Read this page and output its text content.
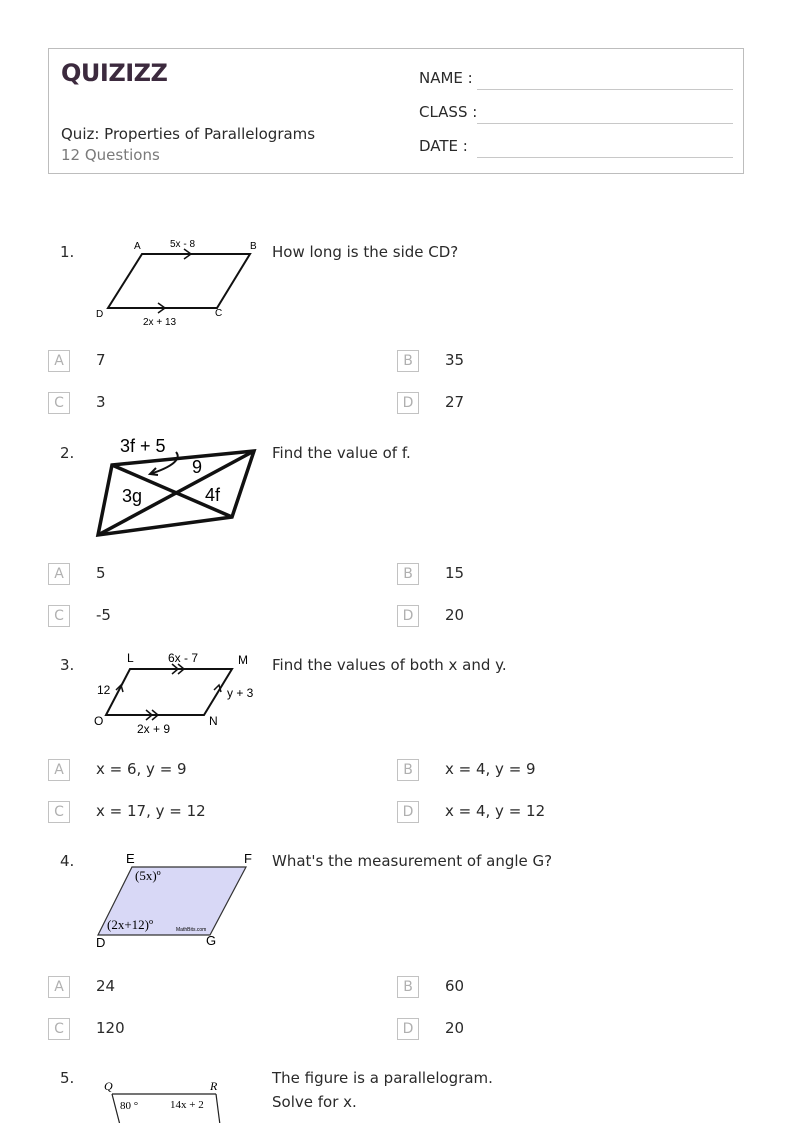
QUIZIZZ
Quiz: Properties of Parallelograms
12 Questions
NAME :
CLASS :
DATE :
1.	How long is the side CD?
A	B
C
D
5x - 8
2x + 13
A	7	B	35
C	3	D	27
2.	Find the value of f.
3f + 5
9
3g	4f
A	5	B	15
C	-5	D	20
3.	Find the values of both x and y.
L	M
N
O
6x - 7
2x + 9
12	y + 3
A	x = 6, y = 9	B	x = 4, y = 9
C	x = 17, y = 12	D	x = 4, y = 12
4.	What's the measurement of angle G?
E	F
D	G
(5x)º
(2x+12)º	MathBits.com
A	24	B	60
C	120	D	20
5.	The figure is a parallelogram.
Solve for x.
Q	R
80 °	14x + 2
